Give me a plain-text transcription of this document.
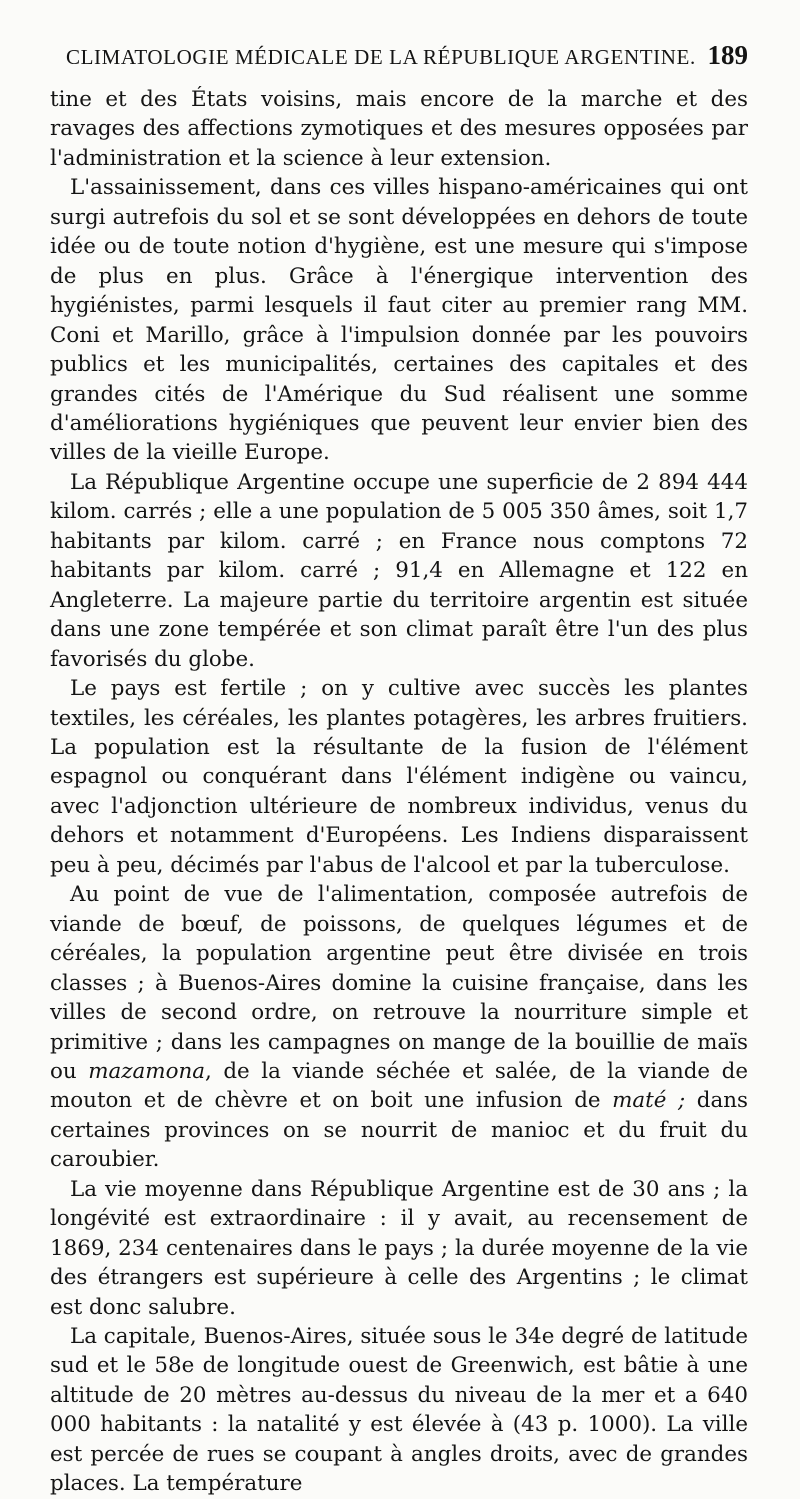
CLIMATOLOGIE MÉDICALE DE LA RÉPUBLIQUE ARGENTINE. 189

tine et des États voisins, mais encore de la marche et des ravages des affections zymotiques et des mesures opposées par l'administration et la science à leur extension.

L'assainissement, dans ces villes hispano-américaines qui ont surgi autrefois du sol et se sont développées en dehors de toute idée ou de toute notion d'hygiène, est une mesure qui s'impose de plus en plus. Grâce à l'énergique intervention des hygiénistes, parmi lesquels il faut citer au premier rang MM. Coni et Marillo, grâce à l'impulsion donnée par les pouvoirs publics et les municipalités, certaines des capitales et des grandes cités de l'Amérique du Sud réalisent une somme d'améliorations hygiéniques que peuvent leur envier bien des villes de la vieille Europe.

La République Argentine occupe une superficie de 2 894 444 kilom. carrés ; elle a une population de 5 005 350 âmes, soit 1,7 habitants par kilom. carré ; en France nous comptons 72 habitants par kilom. carré ; 91,4 en Allemagne et 122 en Angleterre. La majeure partie du territoire argentin est située dans une zone tempérée et son climat paraît être l'un des plus favorisés du globe.

Le pays est fertile ; on y cultive avec succès les plantes textiles, les céréales, les plantes potagères, les arbres fruitiers. La population est la résultante de la fusion de l'élément espagnol ou conquérant dans l'élément indigène ou vaincu, avec l'adjonction ultérieure de nombreux individus, venus du dehors et notamment d'Européens. Les Indiens disparaissent peu à peu, décimés par l'abus de l'alcool et par la tuberculose.

Au point de vue de l'alimentation, composée autrefois de viande de bœuf, de poissons, de quelques légumes et de céréales, la population argentine peut être divisée en trois classes ; à Buenos-Aires domine la cuisine française, dans les villes de second ordre, on retrouve la nourriture simple et primitive ; dans les campagnes on mange de la bouillie de maïs ou mazamona, de la viande séchée et salée, de la viande de mouton et de chèvre et on boit une infusion de maté ; dans certaines provinces on se nourrit de manioc et du fruit du caroubier.

La vie moyenne dans République Argentine est de 30 ans ; la longévité est extraordinaire : il y avait, au recensement de 1869, 234 centenaires dans le pays ; la durée moyenne de la vie des étrangers est supérieure à celle des Argentins ; le climat est donc salubre.

La capitale, Buenos-Aires, située sous le 34e degré de latitude sud et le 58e de longitude ouest de Greenwich, est bâtie à une altitude de 20 mètres au-dessus du niveau de la mer et a 640 000 habitants : la natalité y est élevée à (43 p. 1000). La ville est percée de rues se coupant à angles droits, avec de grandes places. La température
